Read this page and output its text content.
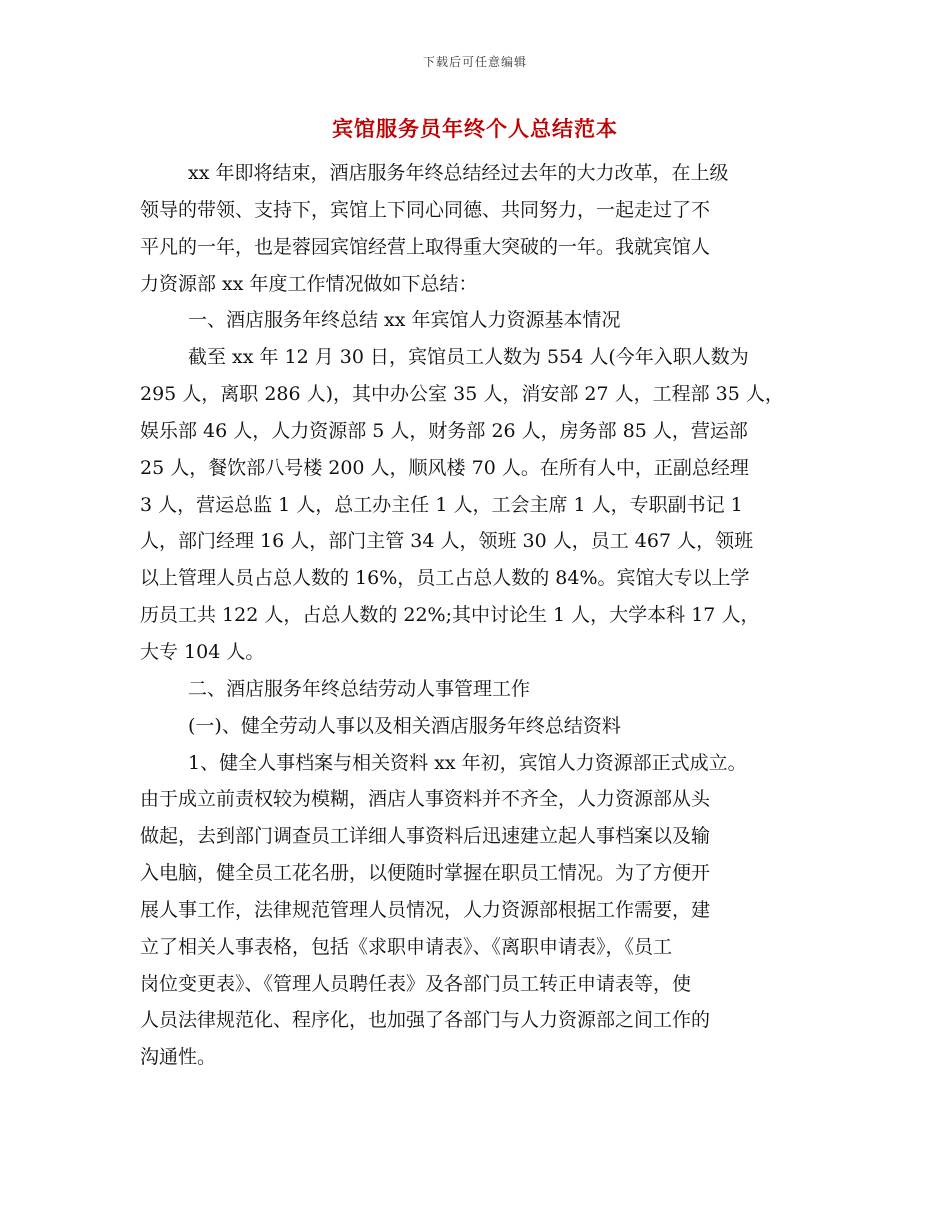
下载后可任意编辑
宾馆服务员年终个人总结范本
xx 年即将结束，酒店服务年终总结经过去年的大力改革，在上级
领导的带领、支持下，宾馆上下同心同德、共同努力，一起走过了不
平凡的一年，也是蓉园宾馆经营上取得重大突破的一年。我就宾馆人
力资源部 xx 年度工作情况做如下总结：
一、酒店服务年终总结 xx 年宾馆人力资源基本情况
截至 xx 年 12 月 30 日，宾馆员工人数为 554 人(今年入职人数为
295 人，离职 286 人)，其中办公室 35 人，消安部 27 人，工程部 35 人，
娱乐部 46 人，人力资源部 5 人，财务部 26 人，房务部 85 人，营运部
25 人，餐饮部八号楼 200 人，顺风楼 70 人。在所有人中，正副总经理
3 人，营运总监 1 人，总工办主任 1 人，工会主席 1 人，专职副书记 1
人，部门经理 16 人，部门主管 34 人，领班 30 人，员工 467 人，领班
以上管理人员占总人数的 16%，员工占总人数的 84%。宾馆大专以上学
历员工共 122 人，占总人数的 22%;其中讨论生 1 人，大学本科 17 人，
大专 104 人。
二、酒店服务年终总结劳动人事管理工作
(一)、健全劳动人事以及相关酒店服务年终总结资料
1、健全人事档案与相关资料 xx 年初，宾馆人力资源部正式成立。
由于成立前责权较为模糊，酒店人事资料并不齐全，人力资源部从头
做起，去到部门调查员工详细人事资料后迅速建立起人事档案以及输
入电脑，健全员工花名册，以便随时掌握在职员工情况。为了方便开
展人事工作，法律规范管理人员情况，人力资源部根据工作需要，建
立了相关人事表格，包括《求职申请表》、《离职申请表》，《员工
岗位变更表》、《管理人员聘任表》及各部门员工转正申请表等，使
人员法律规范化、程序化，也加强了各部门与人力资源部之间工作的
沟通性。
